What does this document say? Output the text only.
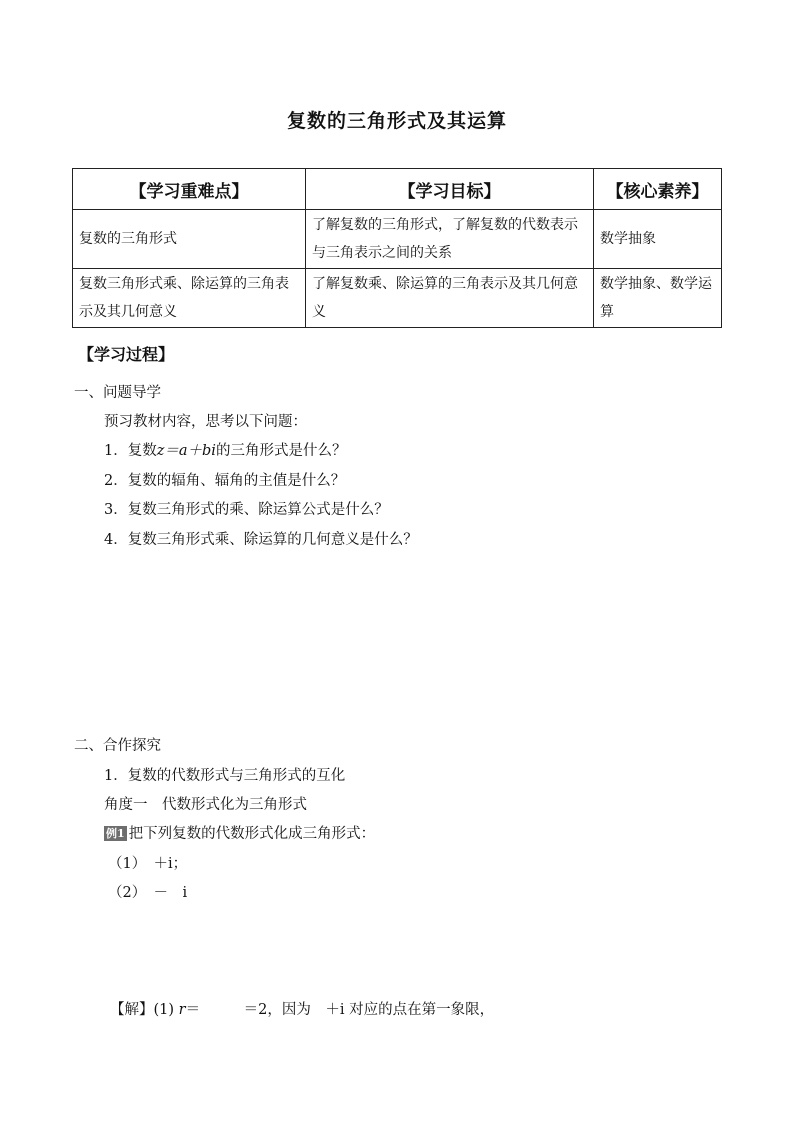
复数的三角形式及其运算
【学习重难点】	【学习目标】	【核心素养】
复数的三角形式	了解复数的三角形式，了解复数的代数表示与三角表示之间的关系	数学抽象
复数三角形式乘、除运算的三角表示及其几何意义	了解复数乘、除运算的三角表示及其几何意义	数学抽象、数学运算
【学习过程】
一、问题导学
预习教材内容，思考以下问题：
1．复数z＝a＋bi的三角形式是什么？
2．复数的辐角、辐角的主值是什么？
3．复数三角形式的乘、除运算公式是什么？
4．复数三角形式乘、除运算的几何意义是什么？
二、合作探究
1．复数的代数形式与三角形式的互化
角度一　代数形式化为三角形式
例1 把下列复数的代数形式化成三角形式：
（1）　＋i；
（2）　－　i
【解】(1) r＝　　　＝2，因为　＋i 对应的点在第一象限，
